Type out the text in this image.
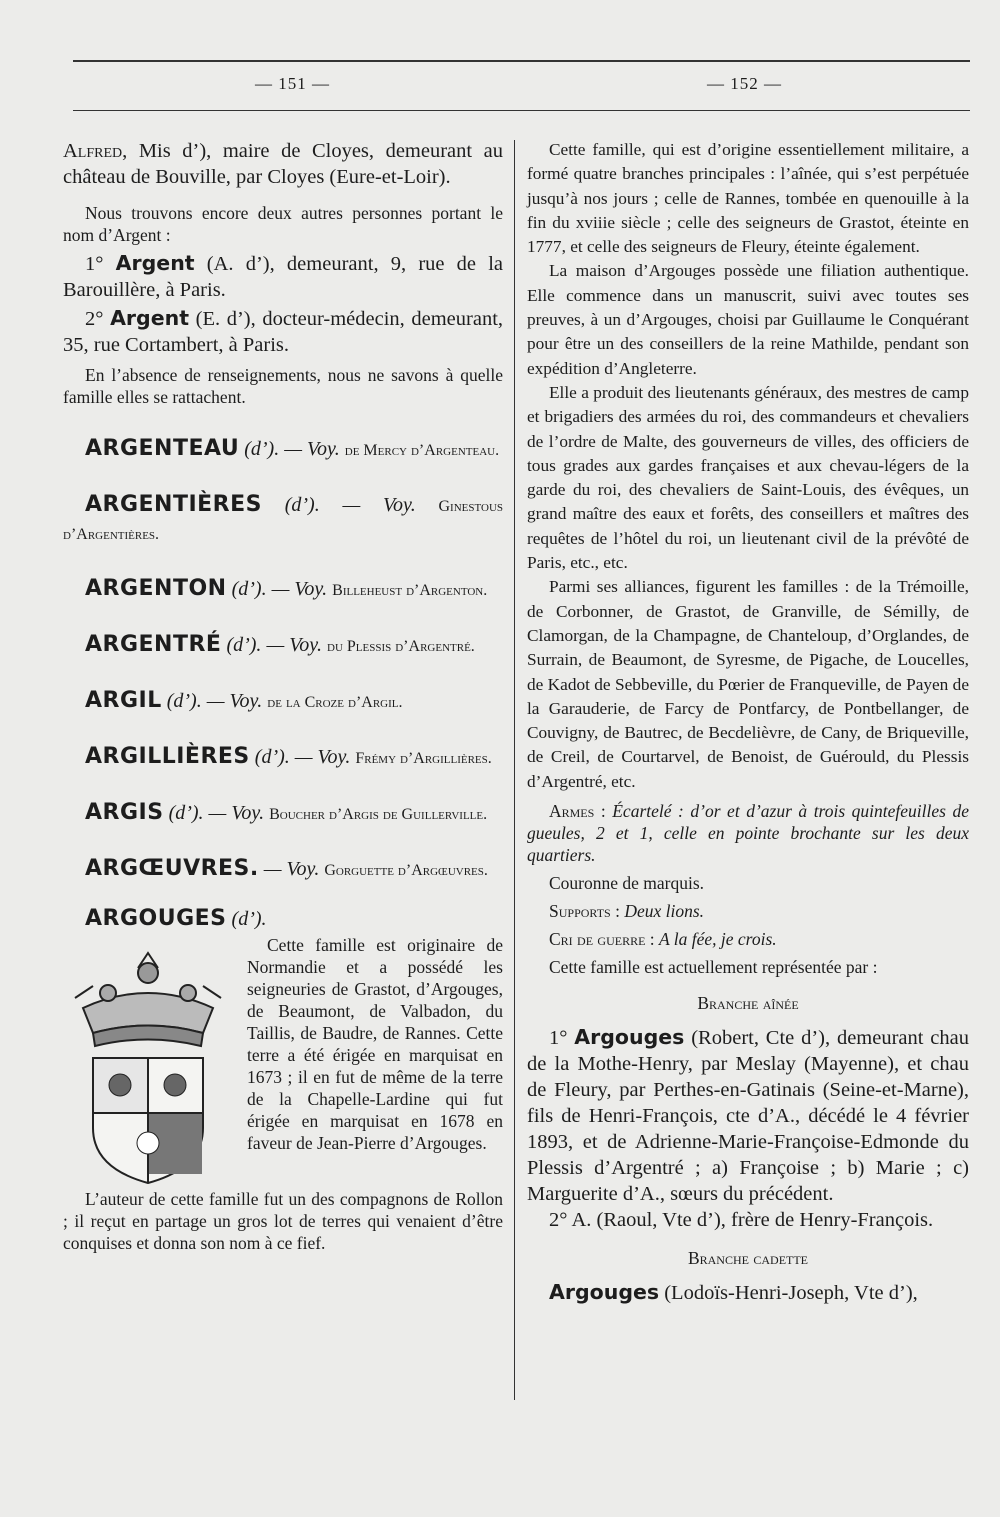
— 151 —	— 152 —

Alfred, Mis d’), maire de Cloyes, demeurant au château de Bouville, par Cloyes (Eure-et-Loir).

Nous trouvons encore deux autres personnes portant le nom d’Argent :

1° Argent (A. d’), demeurant, 9, rue de la Barouillère, à Paris.

2° Argent (E. d’), docteur-médecin, demeurant, 35, rue Cortambert, à Paris.

En l’absence de renseignements, nous ne savons à quelle famille elles se rattachent.

ARGENTEAU (d’). — Voy. de Mercy d’Argenteau.

ARGENTIÈRES (d’). — Voy. Ginestous d’Argentières.

ARGENTON (d’). — Voy. Billeheust d’Argenton.

ARGENTRÉ (d’). — Voy. du Plessis d’Argentré.

ARGIL (d’). — Voy. de la Croze d’Argil.

ARGILLIÈRES (d’). — Voy. Frémy d’Argillières.

ARGIS (d’). — Voy. Boucher d’Argis de Guillerville.

ARGŒUVRES. — Voy. Gorguette d’Argœuvres.

ARGOUGES (d’).

Cette famille est originaire de Normandie et a possédé les seigneuries de Grastot, d’Argouges, de Beaumont, de Valbadon, du Taillis, de Baudre, de Rannes. Cette terre a été érigée en marquisat en 1673 ; il en fut de même de la terre de la Chapelle-Lardine qui fut érigée en marquisat en 1678 en faveur de Jean-Pierre d’Argouges.

L’auteur de cette famille fut un des compagnons de Rollon ; il reçut en partage un gros lot de terres qui venaient d’être conquises et donna son nom à ce fief.

Cette famille, qui est d’origine essentiellement militaire, a formé quatre branches principales : l’aînée, qui s’est perpétuée jusqu’à nos jours ; celle de Rannes, tombée en quenouille à la fin du xviiie siècle ; celle des seigneurs de Grastot, éteinte en 1777, et celle des seigneurs de Fleury, éteinte également.

La maison d’Argouges possède une filiation authentique. Elle commence dans un manuscrit, suivi avec toutes ses preuves, à un d’Argouges, choisi par Guillaume le Conquérant pour être un des conseillers de la reine Mathilde, pendant son expédition d’Angleterre.

Elle a produit des lieutenants généraux, des mestres de camp et brigadiers des armées du roi, des commandeurs et chevaliers de l’ordre de Malte, des gouverneurs de villes, des officiers de tous grades aux gardes françaises et aux chevau-légers de la garde du roi, des chevaliers de Saint-Louis, des évêques, un grand maître des eaux et forêts, des conseillers et maîtres des requêtes de l’hôtel du roi, un lieutenant civil de la prévôté de Paris, etc., etc.

Parmi ses alliances, figurent les familles : de la Trémoille, de Corbonner, de Grastot, de Granville, de Sémilly, de Clamorgan, de la Champagne, de Chanteloup, d’Orglandes, de Surrain, de Beaumont, de Syresme, de Pigache, de Loucelles, de Kadot de Sebbeville, du Pœrier de Franqueville, de Payen de la Garauderie, de Farcy de Pontfarcy, de Pontbellanger, de Couvigny, de Bautrec, de Becdelièvre, de Cany, de Briqueville, de Creil, de Courtarvel, de Benoist, de Guérould, du Plessis d’Argentré, etc.

Armes : Écartelé : d’or et d’azur à trois quintefeuilles de gueules, 2 et 1, celle en pointe brochante sur les deux quartiers.

Couronne de marquis.

Supports : Deux lions.

Cri de guerre : A la fée, je crois.

Cette famille est actuellement représentée par :

Branche aînée

1° Argouges (Robert, Cte d’), demeurant chau de la Mothe-Henry, par Meslay (Mayenne), et chau de Fleury, par Perthes-en-Gatinais (Seine-et-Marne), fils de Henri-François, cte d’A., décédé le 4 février 1893, et de Adrienne-Marie-Françoise-Edmonde du Plessis d’Argentré ; a) Françoise ; b) Marie ; c) Marguerite d’A., sœurs du précédent.

2° A. (Raoul, Vte d’), frère de Henry-François.

Branche cadette

Argouges (Lodoïs-Henri-Joseph, Vte d’),
